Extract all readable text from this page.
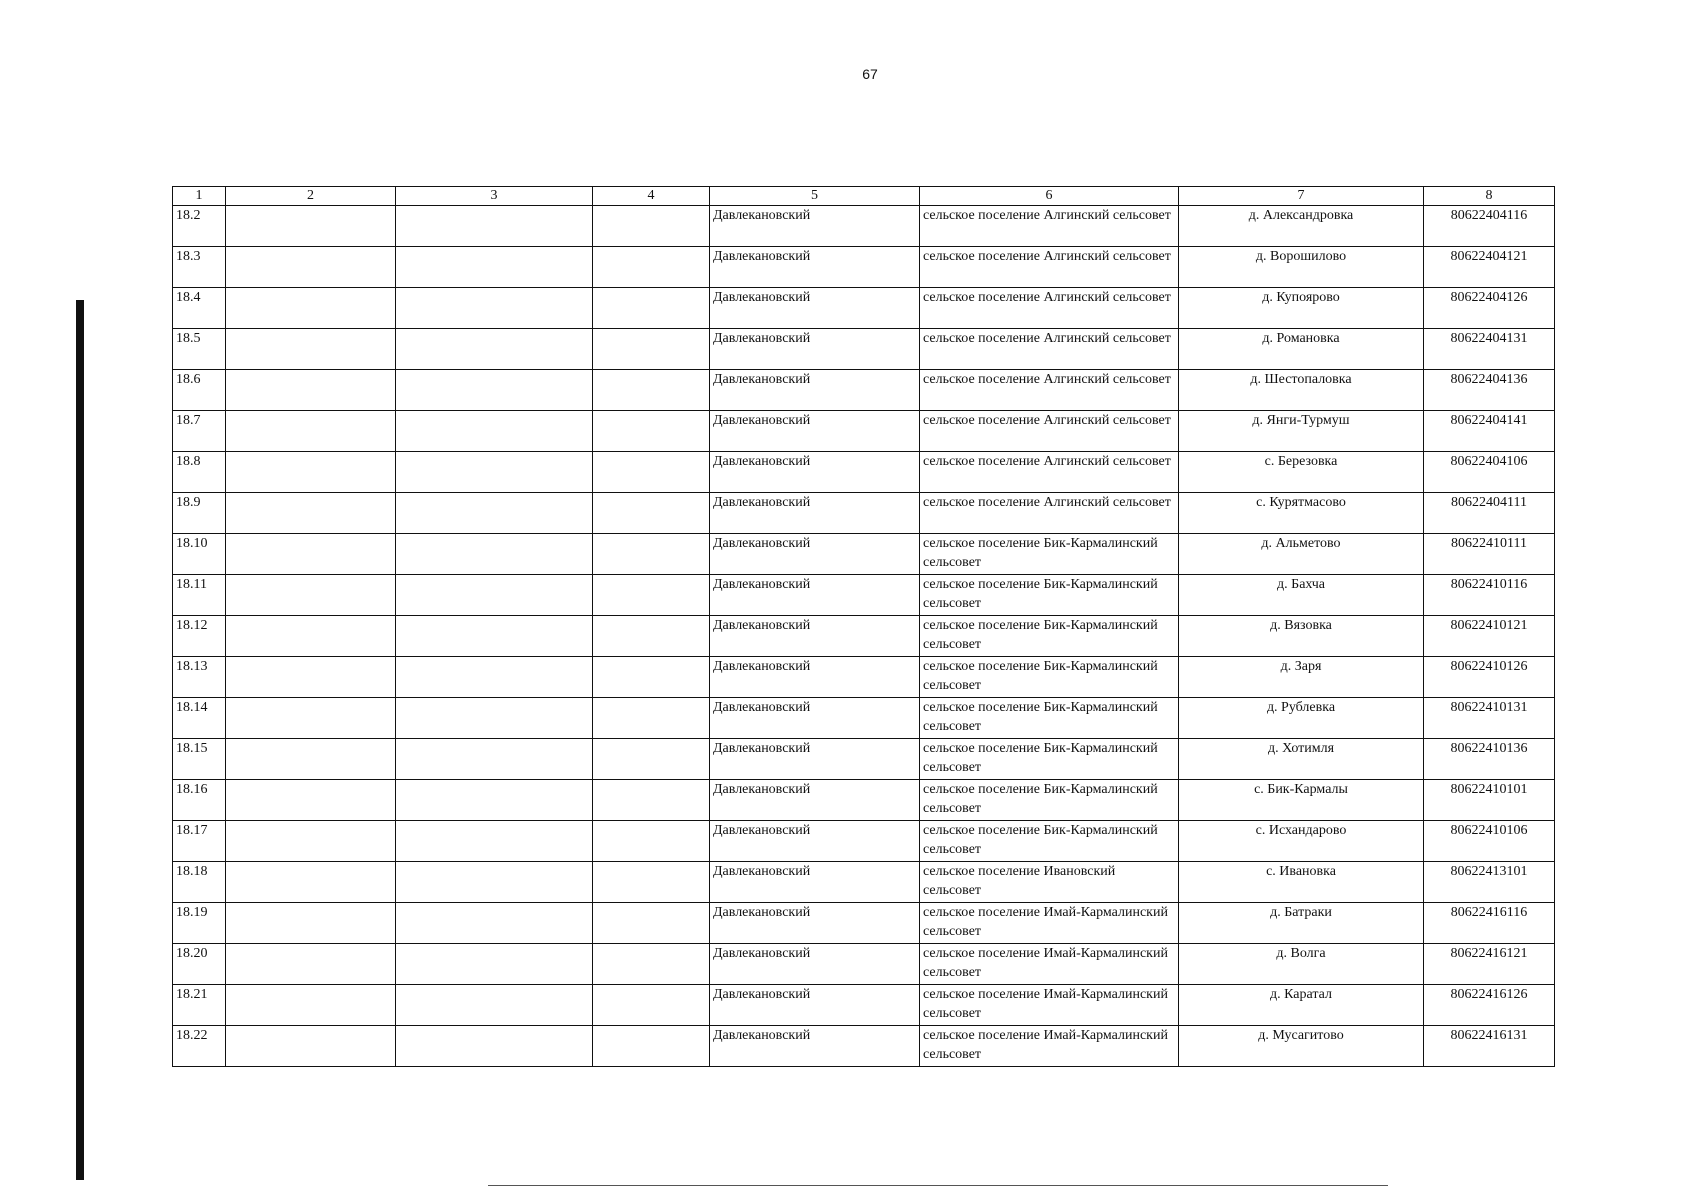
67
1	2	3	4	5	6	7	8
18.2				Давлекановский	сельское поселение Алгинский сельсовет	д. Александровка	80622404116
18.3				Давлекановский	сельское поселение Алгинский сельсовет	д. Ворошилово	80622404121
18.4				Давлекановский	сельское поселение Алгинский сельсовет	д. Купоярово	80622404126
18.5				Давлекановский	сельское поселение Алгинский сельсовет	д. Романовка	80622404131
18.6				Давлекановский	сельское поселение Алгинский сельсовет	д. Шестопаловка	80622404136
18.7				Давлекановский	сельское поселение Алгинский сельсовет	д. Янги-Турмуш	80622404141
18.8				Давлекановский	сельское поселение Алгинский сельсовет	с. Березовка	80622404106
18.9				Давлекановский	сельское поселение Алгинский сельсовет	с. Курятмасово	80622404111
18.10				Давлекановский	сельское поселение Бик-Кармалинский сельсовет	д. Альметово	80622410111
18.11				Давлекановский	сельское поселение Бик-Кармалинский сельсовет	д. Бахча	80622410116
18.12				Давлекановский	сельское поселение Бик-Кармалинский сельсовет	д. Вязовка	80622410121
18.13				Давлекановский	сельское поселение Бик-Кармалинский сельсовет	д. Заря	80622410126
18.14				Давлекановский	сельское поселение Бик-Кармалинский сельсовет	д. Рублевка	80622410131
18.15				Давлекановский	сельское поселение Бик-Кармалинский сельсовет	д. Хотимля	80622410136
18.16				Давлекановский	сельское поселение Бик-Кармалинский сельсовет	с. Бик-Кармалы	80622410101
18.17				Давлекановский	сельское поселение Бик-Кармалинский сельсовет	с. Исхандарово	80622410106
18.18				Давлекановский	сельское поселение Ивановский сельсовет	с. Ивановка	80622413101
18.19				Давлекановский	сельское поселение Имай-Кармалинский сельсовет	д. Батраки	80622416116
18.20				Давлекановский	сельское поселение Имай-Кармалинский сельсовет	д. Волга	80622416121
18.21				Давлекановский	сельское поселение Имай-Кармалинский сельсовет	д. Каратал	80622416126
18.22				Давлекановский	сельское поселение Имай-Кармалинский сельсовет	д. Мусагитово	80622416131
